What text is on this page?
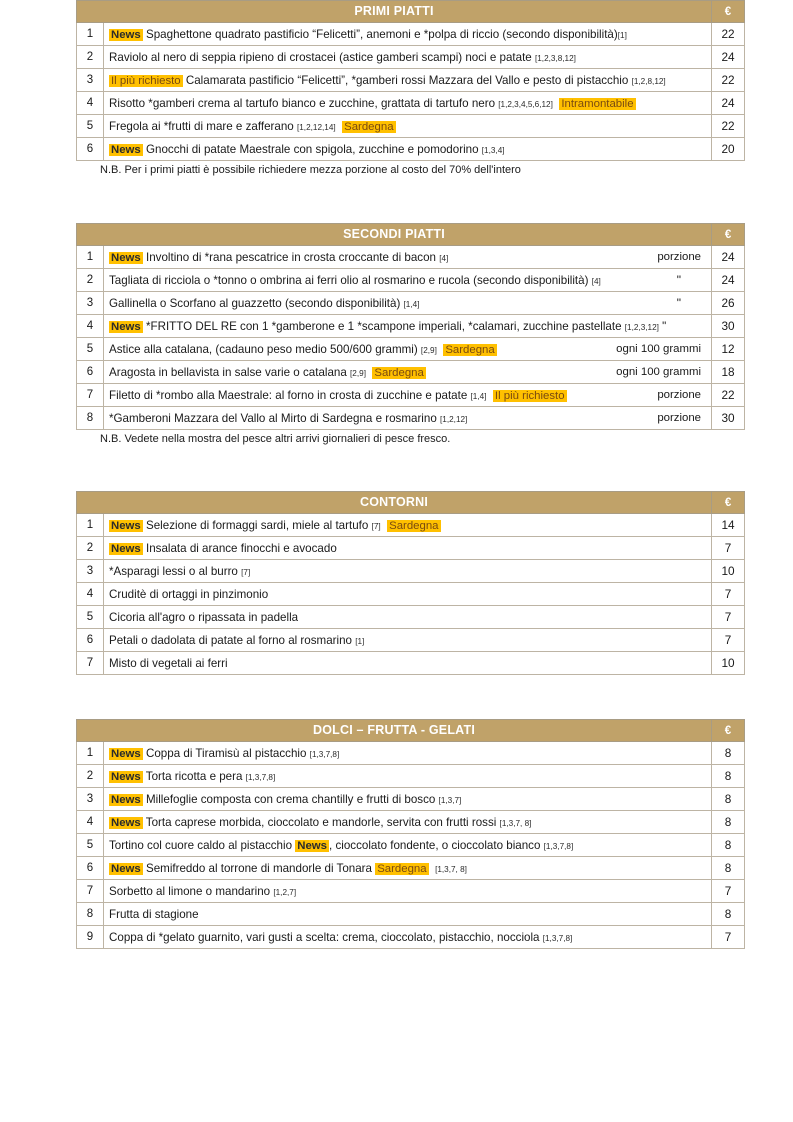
PRIMI PIATTI		€
1	News Spaghettone quadrato pastificio “Felicetti”, anemoni e *polpa di riccio (secondo disponibilità)[1]	22
2	Raviolo al nero di seppia ripieno di crostacei (astice gamberi scampi) noci e patate [1,2,3,8,12]	24
3	Il più richiesto Calamarata pastificio “Felicetti”, *gamberi rossi Mazzara del Vallo e pesto di pistacchio [1,2,8,12]	22
4	Risotto *gamberi crema al tartufo bianco e zucchine, grattata di tartufo nero [1,2,3,4,5,6,12] Intramontabile	24
5	Fregola ai *frutti di mare e zafferano [1,2,12,14] Sardegna	22
6	News Gnocchi di patate Maestrale con spigola, zucchine e pomodorino [1,3,4]	20
N.B. Per i primi piatti è possibile richiedere mezza porzione al costo del 70% dell'intero
SECONDI PIATTI		€
1	News Involtino di *rana pescatrice in crosta croccante di bacon [4] porzione	24
2	Tagliata di ricciola o *tonno o ombrina ai ferri olio al rosmarino e rucola (secondo disponibilità) [4] "	24
3	Gallinella o Scorfano al guazzetto (secondo disponibilità) [1,4] "	26
4	News *FRITTO DEL RE con 1 *gamberone e 1 *scampone imperiali, *calamari, zucchine pastellate [1,2,3,12] "	30
5	Astice alla catalana, (cadauno peso medio 500/600 grammi) [2,9] Sardegna ogni 100 grammi	12
6	Aragosta in bellavista in salse varie o catalana [2,9] Sardegna ogni 100 grammi	18
7	Filetto di *rombo alla Maestrale: al forno in crosta di zucchine e patate [1,4] Il più richiesto porzione	22
8	*Gamberoni Mazzara del Vallo al Mirto di Sardegna e rosmarino [1,2,12] porzione	30
N.B. Vedete nella mostra del pesce altri arrivi giornalieri di pesce fresco.
CONTORNI		€
1	News Selezione di formaggi sardi, miele al tartufo [7] Sardegna	14
2	News Insalata di arance finocchi e avocado	7
3	*Asparagi lessi o al burro [7]	10
4	Cruditè di ortaggi in pinzimonio	7
5	Cicoria all'agro o ripassata in padella	7
6	Petali o dadolata di patate al forno al rosmarino [1]	7
7	Misto di vegetali ai ferri	10
DOLCI – FRUTTA - GELATI		€
1	News Coppa di Tiramisù al pistacchio [1,3,7,8]	8
2	News Torta ricotta e pera [1,3,7,8]	8
3	News Millefoglie composta con crema chantilly e frutti di bosco [1,3,7]	8
4	News Torta caprese morbida, cioccolato e mandorle, servita con frutti rossi [1,3,7, 8]	8
5	Tortino col cuore caldo al pistacchio News , cioccolato fondente, o cioccolato bianco [1,3,7,8]	8
6	News Semifreddo al torrone di mandorle di Tonara Sardegna [1,3,7, 8]	8
7	Sorbetto al limone o mandarino [1,2,7]	7
8	Frutta di stagione	8
9	Coppa di *gelato guarnito, vari gusti a scelta: crema, cioccolato, pistacchio, nocciola [1,3,7,8]	7
